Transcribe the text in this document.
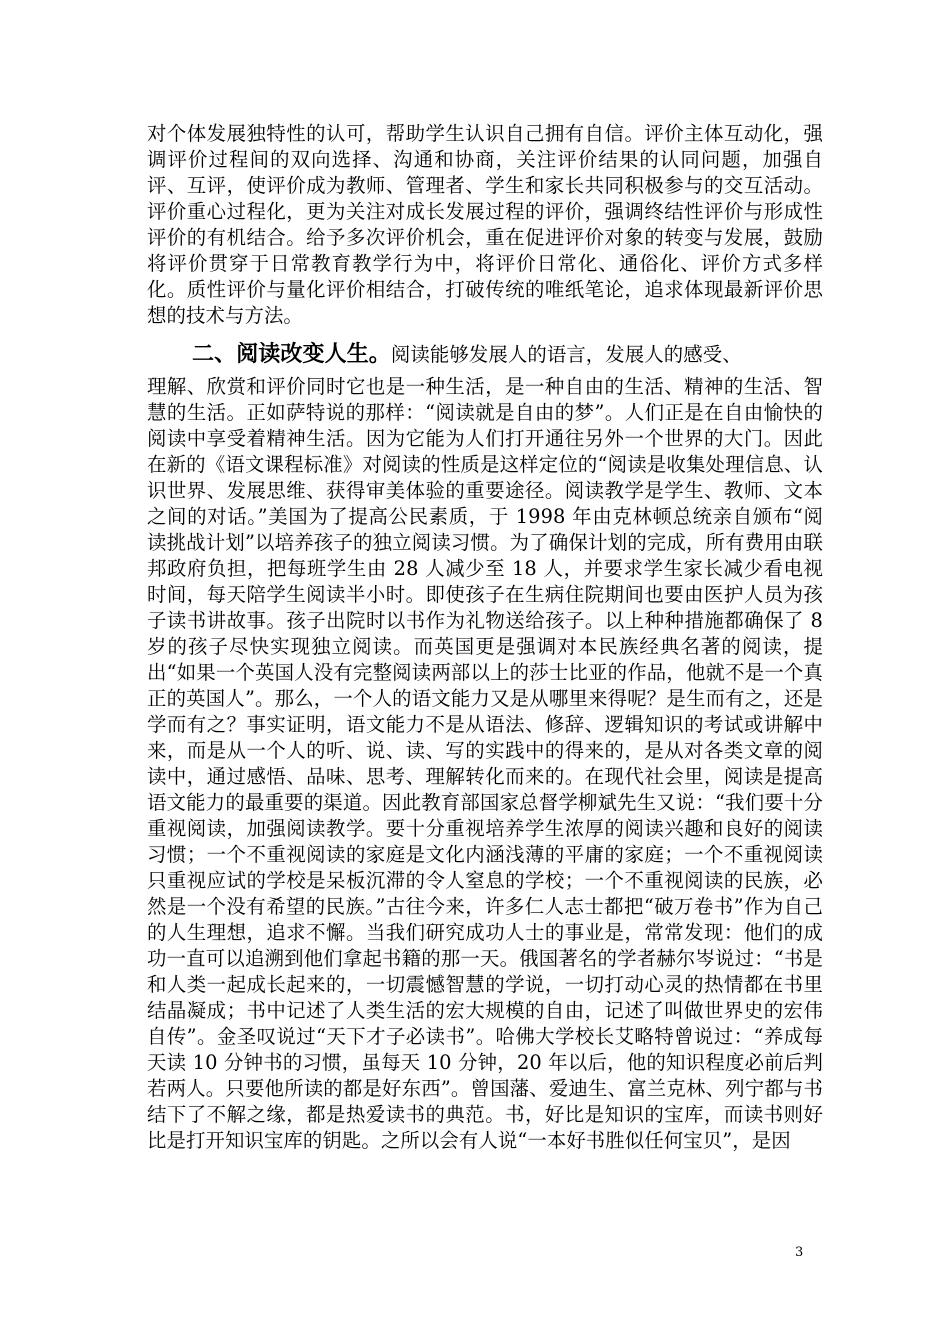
对个体发展独特性的认可，帮助学生认识自己拥有自信。评价主体互动化，强调评价过程间的双向选择、沟通和协商，关注评价结果的认同问题，加强自评、互评，使评价成为教师、管理者、学生和家长共同积极参与的交互活动。评价重心过程化，更为关注对成长发展过程的评价，强调终结性评价与形成性评价的有机结合。给予多次评价机会，重在促进评价对象的转变与发展，鼓励将评价贯穿于日常教育教学行为中，将评价日常化、通俗化、评价方式多样化。质性评价与量化评价相结合，打破传统的唯纸笔论，追求体现最新评价思想的技术与方法。
二、阅读改变人生。阅读能够发展人的语言，发展人的感受、
理解、欣赏和评价同时它也是一种生活，是一种自由的生活、精神的生活、智慧的生活。正如萨特说的那样：“阅读就是自由的梦”。人们正是在自由愉快的阅读中享受着精神生活。因为它能为人们打开通往另外一个世界的大门。因此在新的《语文课程标准》对阅读的性质是这样定位的“阅读是收集处理信息、认识世界、发展思维、获得审美体验的重要途径。阅读教学是学生、教师、文本之间的对话。”美国为了提高公民素质，于 1998 年由克林顿总统亲自颁布“阅读挑战计划”以培养孩子的独立阅读习惯。为了确保计划的完成，所有费用由联邦政府负担，把每班学生由 28 人减少至 18 人，并要求学生家长减少看电视时间，每天陪学生阅读半小时。即使孩子在生病住院期间也要由医护人员为孩子读书讲故事。孩子出院时以书作为礼物送给孩子。以上种种措施都确保了 8 岁的孩子尽快实现独立阅读。而英国更是强调对本民族经典名著的阅读，提出“如果一个英国人没有完整阅读两部以上的莎士比亚的作品，他就不是一个真正的英国人”。那么，一个人的语文能力又是从哪里来得呢？是生而有之，还是学而有之？事实证明，语文能力不是从语法、修辞、逻辑知识的考试或讲解中来，而是从一个人的听、说、读、写的实践中的得来的，是从对各类文章的阅读中，通过感悟、品味、思考、理解转化而来的。在现代社会里，阅读是提高语文能力的最重要的渠道。因此教育部国家总督学柳斌先生又说：“我们要十分重视阅读，加强阅读教学。要十分重视培养学生浓厚的阅读兴趣和良好的阅读习惯；一个不重视阅读的家庭是文化内涵浅薄的平庸的家庭；一个不重视阅读只重视应试的学校是呆板沉滞的令人窒息的学校；一个不重视阅读的民族，必然是一个没有希望的民族。”古往今来，许多仁人志士都把“破万卷书”作为自己的人生理想，追求不懈。当我们研究成功人士的事业是，常常发现：他们的成功一直可以追溯到他们拿起书籍的那一天。俄国著名的学者赫尔岑说过：“书是和人类一起成长起来的，一切震憾智慧的学说，一切打动心灵的热情都在书里结晶凝成；书中记述了人类生活的宏大规模的自由，记述了叫做世界史的宏伟自传”。金圣叹说过“天下才子必读书”。哈佛大学校长艾略特曾说过：“养成每天读 10 分钟书的习惯，虽每天 10 分钟，20 年以后，他的知识程度必前后判若两人。只要他所读的都是好东西”。曾国藩、爱迪生、富兰克林、列宁都与书结下了不解之缘，都是热爱读书的典范。书，好比是知识的宝库，而读书则好比是打开知识宝库的钥匙。之所以会有人说“一本好书胜似任何宝贝”，是因
3
